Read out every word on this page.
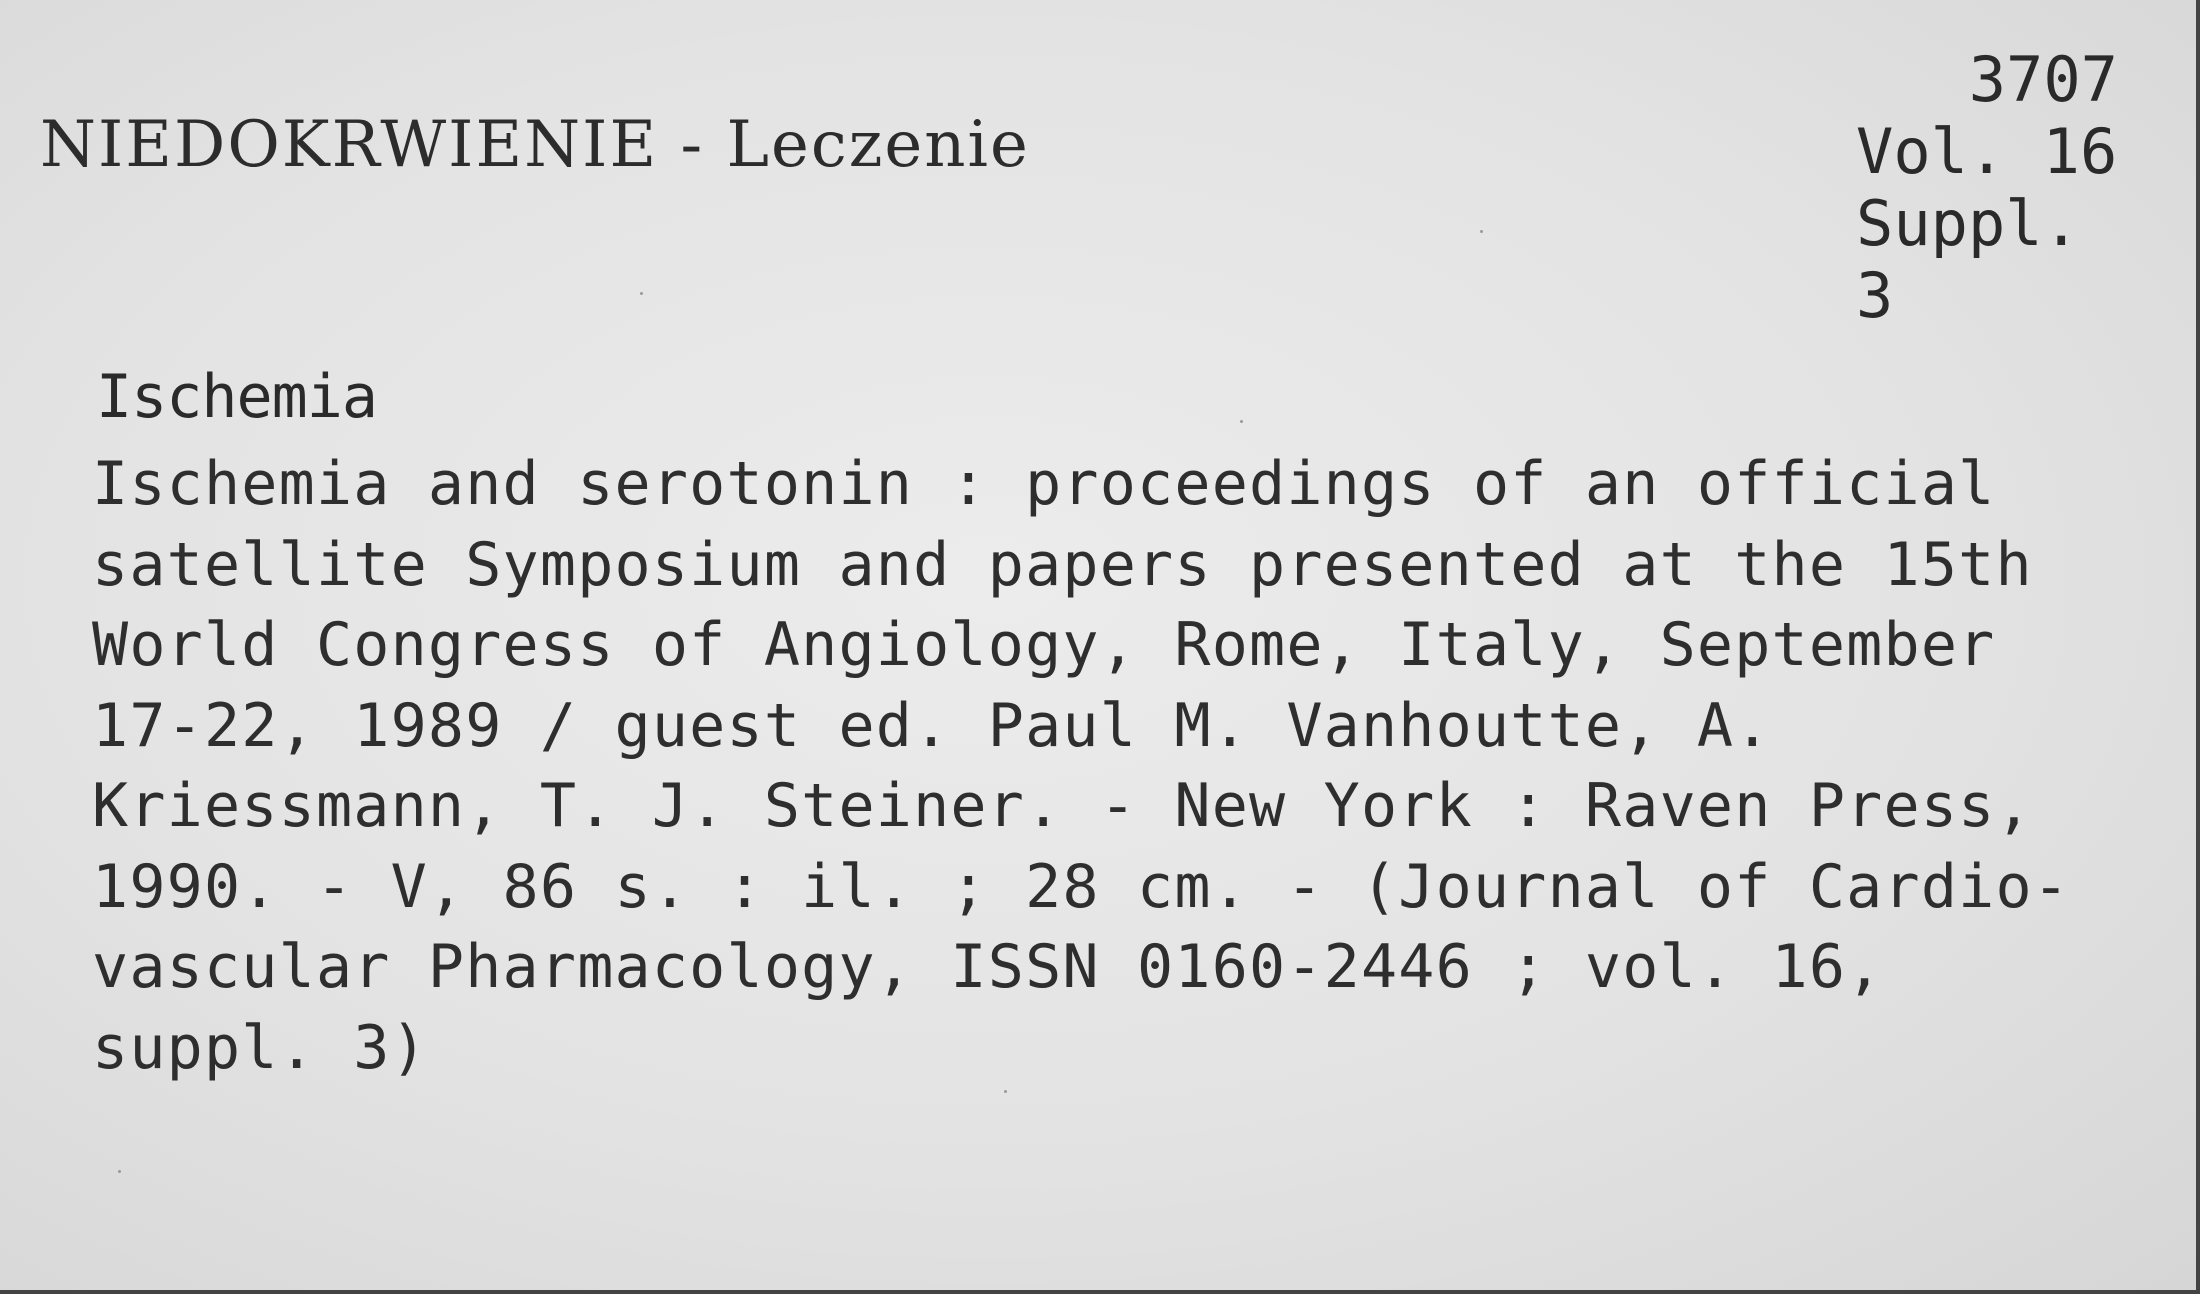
NIEDOKRWIENIE - Leczenie
3707
Vol. 16
Suppl. 3
Ischemia
Ischemia and serotonin : proceedings of an official
satellite Symposium and papers presented at the 15th
World Congress of Angiology, Rome, Italy, September
17-22, 1989 / guest ed. Paul M. Vanhoutte, A.
Kriessmann, T. J. Steiner. - New York : Raven Press,
1990. - V, 86 s. : il. ; 28 cm. - (Journal of Cardio-
vascular Pharmacology, ISSN 0160-2446 ; vol. 16,
suppl. 3)
